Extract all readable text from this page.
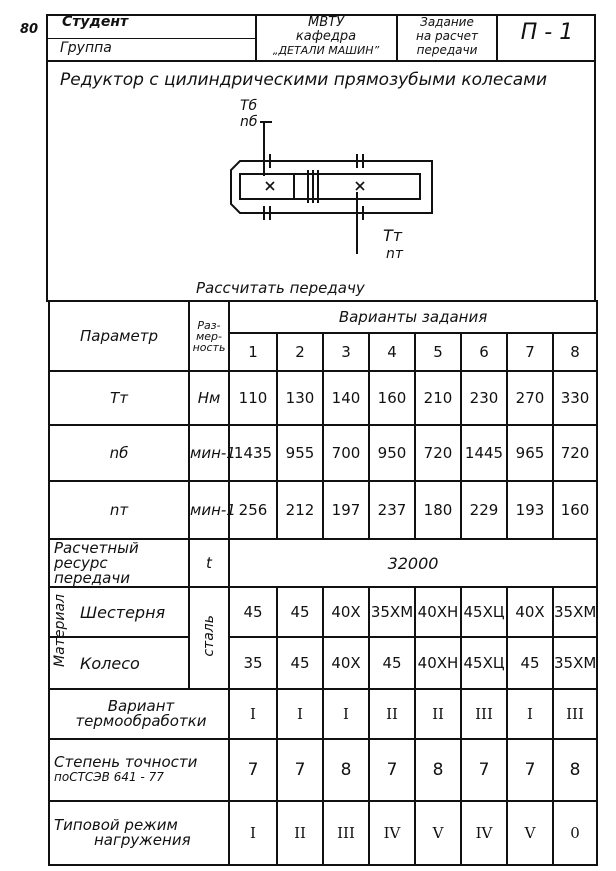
80 Студент
Группа
МВТУ
кафедра
„ДЕТАЛИ МАШИН”
Задание
на расчет
передачи
П - 1
Редуктор с цилиндрическими прямозубыми колесами
Тб
nб
Тт
nт
Рассчитать передачу
Параметр	Раз-
мер-
ность	Варианты задания							
		1	2	3	4	5	6	7	8
Тт	Нм	110	130	140	160	210	230	270	330
nб	мин-1	1435	955	700	950	720	1445	965	720
nт	мин-1	256	212	197	237	180	229	193	160

Расчетный
ресурс передачи	t	32000							

Материал Шестерня	сталь	45	45	40Х	35ХМ	40ХН	45ХЦ	40Х	35ХМ
Колесо		35	45	40Х	45	40ХН	45ХЦ	45	35ХМ

Вариант
термообработки		I	I	I	II	II	III	I	III

Степень точности
поСТСЭВ 641 - 77		7	7	8	7	8	7	7	8

Типовой режим
нагружения		I	II	III	IV	V	IV	V	0
